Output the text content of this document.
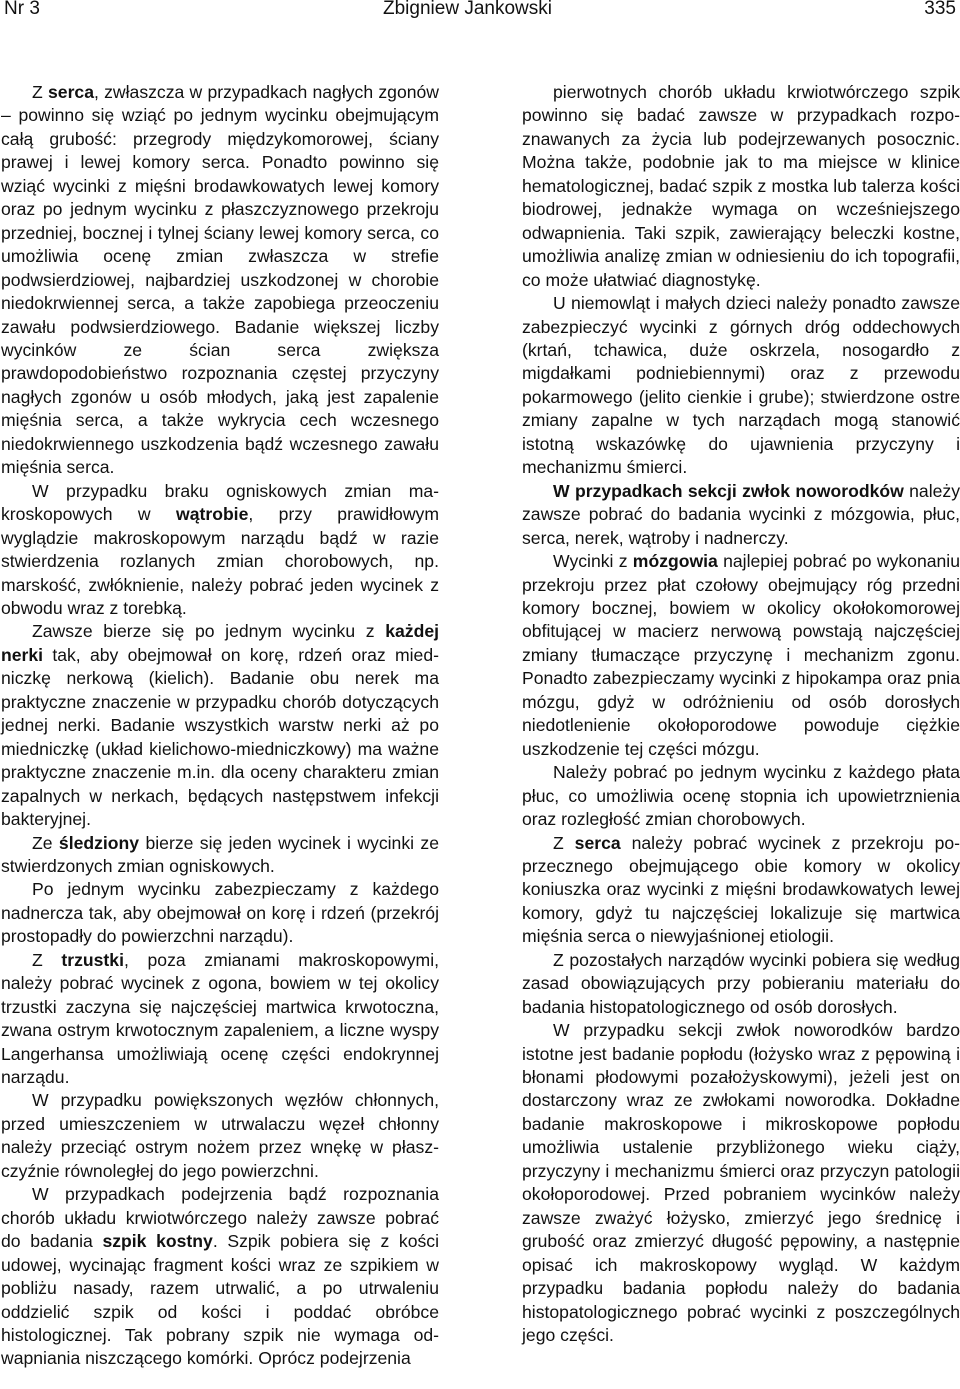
Nr 3	Zbigniew Jankowski	335

Z serca, zwłaszcza w przypadkach nagłych zgonów – powinno się wziąć po jednym wycinku obejmującym całą grubość: przegrody międzykomorowej, ściany prawej i lewej komory serca. Ponadto powinno się wziąć wycinki z mięśni brodawkowatych lewej komory oraz po jednym wycinku z płaszczyznowego przekroju przedniej, bocznej i tylnej ściany lewej komory serca, co umożliwia ocenę zmian zwłaszcza w strefie podwsierdziowej, najbardziej uszkodzonej w chorobie niedokrwiennej serca, a także zapobiega przeoczeniu zawału podwsierdziowego. Badanie większej liczby wycinków ze ścian serca zwiększa prawdopodobieństwo rozpoznania częstej przyczyny nagłych zgonów u osób młodych, jaką jest zapalenie mięśnia serca, a także wykrycia cech wczesnego niedokrwiennego uszkodzenia bądź wczesnego zawału mięśnia serca.

W przypadku braku ogniskowych zmian makroskopowych w wątrobie, przy prawidłowym wyglądzie makroskopowym narządu bądź w razie stwierdzenia rozlanych zmian chorobowych, np. marskość, zwłóknienie, należy pobrać jeden wycinek z obwodu wraz z torebką.

Zawsze bierze się po jednym wycinku z każdej nerki tak, aby obejmował on korę, rdzeń oraz miedniczkę nerkową (kielich). Badanie obu nerek ma praktyczne znaczenie w przypadku chorób dotyczących jednej nerki. Badanie wszystkich warstw nerki aż po miedniczkę (układ kielichowo-miedniczkowy) ma ważne praktyczne znaczenie m.in. dla oceny charakteru zmian zapalnych w nerkach, będących następstwem infekcji bakteryjnej.

Ze śledziony bierze się jeden wycinek i wycinki ze stwierdzonych zmian ogniskowych.

Po jednym wycinku zabezpieczamy z każdego nadnercza tak, aby obejmował on korę i rdzeń (przekrój prostopadły do powierzchni narządu).

Z trzustki, poza zmianami makroskopowymi, należy pobrać wycinek z ogona, bowiem w tej okolicy trzustki zaczyna się najczęściej martwica krwotoczna, zwana ostrym krwotocznym zapaleniem, a liczne wyspy Langerhansa umożliwiają ocenę części endokrynnej narządu.

W przypadku powiększonych węzłów chłonnych, przed umieszczeniem w utrwalaczu węzeł chłonny należy przeciąć ostrym nożem przez wnękę w płaszczyźnie równoległej do jego powierzchni.

W przypadkach podejrzenia bądź rozpoznania chorób układu krwiotwórczego należy zawsze pobrać do badania szpik kostny. Szpik pobiera się z kości udowej, wycinając fragment kości wraz ze szpikiem w pobliżu nasady, razem utrwalić, a po utrwaleniu oddzielić szpik od kości i poddać obróbce histologicznej. Tak pobrany szpik nie wymaga odwapniania niszczącego komórki. Oprócz podejrzenia

pierwotnych chorób układu krwiotwórczego szpik powinno się badać zawsze w przypadkach rozpoznawanych za życia lub podejrzewanych posocznic. Można także, podobnie jak to ma miejsce w klinice hematologicznej, badać szpik z mostka lub talerza kości biodrowej, jednakże wymaga on wcześniejszego odwapnienia. Taki szpik, zawierający beleczki kostne, umożliwia analizę zmian w odniesieniu do ich topografii, co może ułatwiać diagnostykę.

U niemowląt i małych dzieci należy ponadto zawsze zabezpieczyć wycinki z górnych dróg oddechowych (krtań, tchawica, duże oskrzela, nosogardło z migdałkami podniebiennymi) oraz z przewodu pokarmowego (jelito cienkie i grube); stwierdzone ostre zmiany zapalne w tych narządach mogą stanowić istotną wskazówkę do ujawnienia przyczyny i mechanizmu śmierci.

W przypadkach sekcji zwłok noworodków należy zawsze pobrać do badania wycinki z mózgowia, płuc, serca, nerek, wątroby i nadnerczy.

Wycinki z mózgowia najlepiej pobrać po wykonaniu przekroju przez płat czołowy obejmujący róg przedni komory bocznej, bowiem w okolicy okołokomorowej obfitującej w macierz nerwową powstają najczęściej zmiany tłumaczące przyczynę i mechanizm zgonu. Ponadto zabezpieczamy wycinki z hipokampa oraz pnia mózgu, gdyż w odróżnieniu od osób dorosłych niedotlenienie okołoporodowe powoduje ciężkie uszkodzenie tej części mózgu.

Należy pobrać po jednym wycinku z każdego płata płuc, co umożliwia ocenę stopnia ich upowietrznienia oraz rozległość zmian chorobowych.

Z serca należy pobrać wycinek z przekroju poprzecznego obejmującego obie komory w okolicy koniuszka oraz wycinki z mięśni brodawkowatych lewej komory, gdyż tu najczęściej lokalizuje się martwica mięśnia serca o niewyjaśnionej etiologii.

Z pozostałych narządów wycinki pobiera się według zasad obowiązujących przy pobieraniu materiału do badania histopatologicznego od osób dorosłych.

W przypadku sekcji zwłok noworodków bardzo istotne jest badanie popłodu (łożysko wraz z pępowiną i błonami płodowymi pozałożyskowymi), jeżeli jest on dostarczony wraz ze zwłokami noworodka. Dokładne badanie makroskopowe i mikroskopowe popłodu umożliwia ustalenie przybliżonego wieku ciąży, przyczyny i mechanizmu śmierci oraz przyczyn patologii okołoporodowej. Przed pobraniem wycinków należy zawsze zważyć łożysko, zmierzyć jego średnicę i grubość oraz zmierzyć długość pępowiny, a następnie opisać ich makroskopowy wygląd. W każdym przypadku badania popłodu należy do badania histopatologicznego pobrać wycinki z poszczególnych jego części.
